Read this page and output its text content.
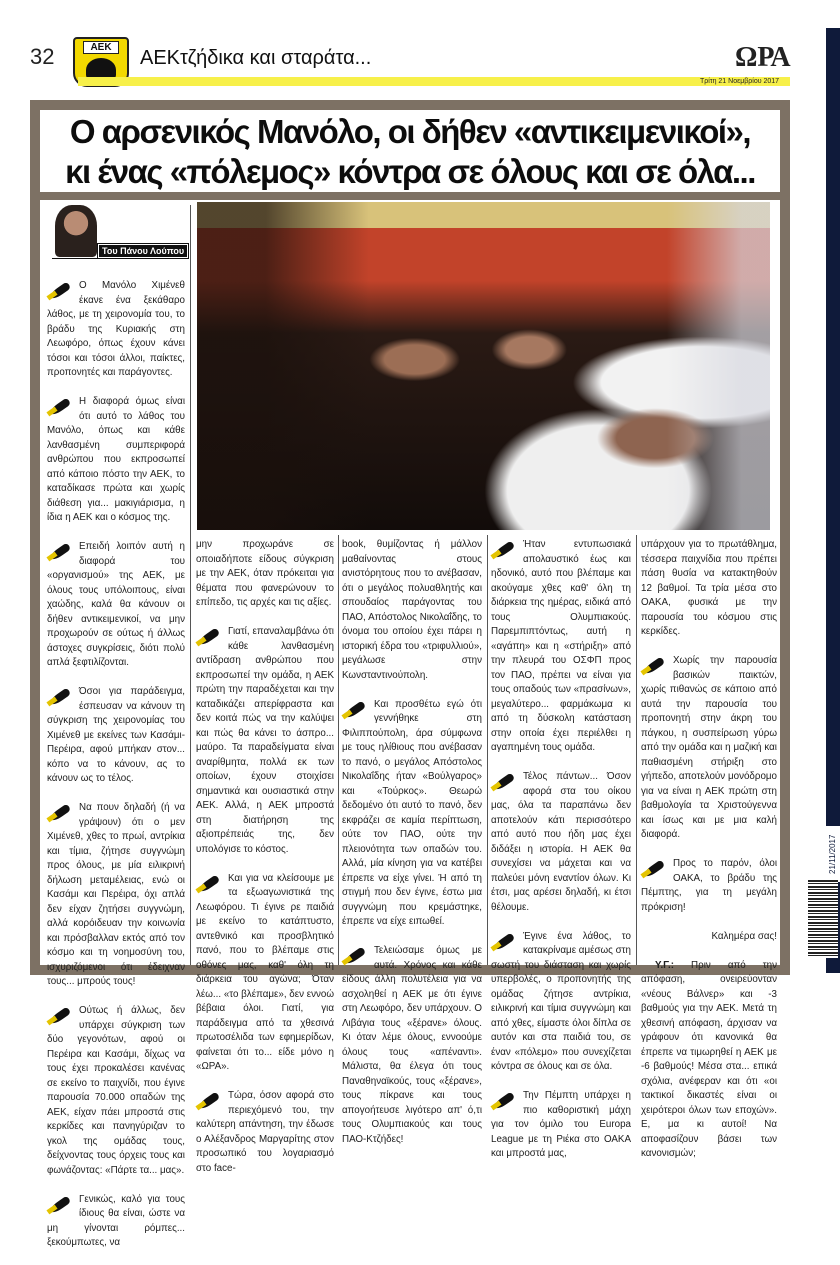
21/11/2017
32	ΑΕΚ	ΑΕΚτζήδικα και σταράτα...	ΩΡΑ
Τρίτη 21 Νοεμβρίου 2017
Ο αρσενικός Μανόλο, οι δήθεν «αντικειμενικοί»,
κι ένας «πόλεμος» κόντρα σε όλους και σε όλα...
Του Πάνου Λούπου

Ο Μανόλο Χιμένεθ έκανε ένα ξεκάθαρο λάθος, με τη χειρονομία του, το βράδυ της Κυριακής στη Λεωφόρο, όπως έχουν κάνει τόσοι και τόσοι άλλοι, παίκτες, προπονητές και παράγοντες.

Η διαφορά όμως είναι ότι αυτό το λάθος του Μανόλο, όπως και κάθε λανθασμένη συμπεριφορά ανθρώπου που εκπροσωπεί από κάποιο πόστο την ΑΕΚ, το καταδίκασε πρώτα και χωρίς διάθεση για... μακιγιάρισμα, η ίδια η ΑΕΚ και ο κόσμος της.

Επειδή λοιπόν αυτή η διαφορά του «οργανισμού» της ΑΕΚ, με όλους τους υπόλοιπους, είναι χαώδης, καλά θα κάνουν οι δήθεν αντικειμενικοί, να μην προχωρούν σε ούτως ή άλλως άστοχες συγκρίσεις, διότι πολύ απλά ξεφτιλίζονται.

Όσοι για παράδειγμα, έσπευσαν να κάνουν τη σύγκριση της χειρονομίας του Χιμένεθ με εκείνες των Κασάμι-Περέιρα, αφού μπήκαν στον... κόπο να το κάνουν, ας το κάνουν ως το τέλος.

Να πουν δηλαδή (ή να γράψουν) ότι ο μεν Χιμένεθ, χθες το πρωί, αντρίκια και τίμια, ζήτησε συγγνώμη προς όλους, με μία ειλικρινή δήλωση μεταμέλειας, ενώ οι Κασάμι και Περέιρα, όχι απλά δεν είχαν ζητήσει συγγνώμη, αλλά κορόιδευαν την κοινωνία και πρόσβαλλαν εκτός από τον κόσμο και τη νοημοσύνη του, ισχυριζόμενοι ότι έδειχναν τους... μπρούς τους!

Ούτως ή άλλως, δεν υπάρχει σύγκριση των δύο γεγονότων, αφού οι Περέιρα και Κασάμι, δίχως να τους έχει προκαλέσει κανένας σε εκείνο το παιχνίδι, που έγινε παρουσία 70.000 οπαδών της ΑΕΚ, είχαν πάει μπροστά στις κερκίδες και πανηγύριζαν το γκολ της ομάδας τους, δείχνοντας τους όρχεις τους και φωνάζοντας: «Πάρτε τα... μας».

Γενικώς, καλό για τους ίδιους θα είναι, ώστε να μη γίνονται ρόμπες... ξεκούμπωτες, να

μην προχωράνε σε οποιαδήποτε είδους σύγκριση με την ΑΕΚ, όταν πρόκειται για θέματα που φανερώνουν το επίπεδο, τις αρχές και τις αξίες.

Γιατί, επαναλαμβάνω ότι κάθε λανθασμένη αντίδραση ανθρώπου που εκπροσωπεί την ομάδα, η ΑΕΚ πρώτη την παραδέχεται και την καταδικάζει απερίφραστα και δεν κοιτά πώς να την καλύψει και πώς θα κάνει το άσπρο... μαύρο. Τα παραδείγματα είναι αναρίθμητα, πολλά εκ των οποίων, έχουν στοιχίσει σημαντικά και ουσιαστικά στην ΑΕΚ. Αλλά, η ΑΕΚ μπροστά στη διατήρηση της αξιοπρέπειάς της, δεν υπολόγισε το κόστος.

Και για να κλείσουμε με τα εξωαγωνιστικά της Λεωφόρου. Τι έγινε ρε παιδιά με εκείνο το κατάπτυστο, αντεθνικό και προσβλητικό πανό, που το βλέπαμε στις οθόνες μας, καθ' όλη τη διάρκεια του αγώνα; Όταν λέω... «το βλέπαμε», δεν εννοώ βέβαια όλοι. Γιατί, για παράδειγμα από τα χθεσινά πρωτοσέλιδα των εφημερίδων, φαίνεται ότι το... είδε μόνο η «ΩΡΑ».

Τώρα, όσον αφορά στο περιεχόμενό του, την καλύτερη απάντηση, την έδωσε ο Αλέξανδρος Μαργαρίτης στον προσωπικό του λογαριασμό στο face-

book, θυμίζοντας ή μάλλον μαθαίνοντας στους ανιστόρητους που το ανέβασαν, ότι ο μεγάλος πολυαθλητής και σπουδαίος παράγοντας του ΠΑΟ, Απόστολος Νικολαΐδης, το όνομα του οποίου έχει πάρει η ιστορική έδρα του «τριφυλλιού», μεγάλωσε στην Κωνσταντινούπολη.

Και προσθέτω εγώ ότι γεννήθηκε στη Φιλιππούπολη, άρα σύμφωνα με τους ηλίθιους που ανέβασαν το πανό, ο μεγάλος Απόστολος Νικολαΐδης ήταν «Βούλγαρος» και «Τούρκος». Θεωρώ δεδομένο ότι αυτό το πανό, δεν εκφράζει σε καμία περίπτωση, ούτε τον ΠΑΟ, ούτε την πλειονότητα των οπαδών του. Αλλά, μία κίνηση για να κατέβει έπρεπε να είχε γίνει. Ή από τη στιγμή που δεν έγινε, έστω μια συγγνώμη που κρεμάστηκε, έπρεπε να είχε ειπωθεί.

Τελειώσαμε όμως με αυτά. Χρόνος και κάθε είδους άλλη πολυτέλεια για να ασχοληθεί η ΑΕΚ με ότι έγινε στη Λεωφόρο, δεν υπάρχουν. Ο Λιβάγια τους «ξέρανε» όλους. Κι όταν λέμε όλους, εννοούμε όλους τους «απέναντι». Μάλιστα, θα έλεγα ότι τους Παναθηναϊκούς, τους «ξέρανε», τους πίκρανε και τους απογοήτευσε λιγότερο απ' ό,τι τους Ολυμπιακούς και τους ΠΑΟ-Κτζήδες!

Ήταν εντυπωσιακά απολαυστικό έως και ηδονικό, αυτό που βλέπαμε και ακούγαμε χθες καθ' όλη τη διάρκεια της ημέρας, ειδικά από τους Ολυμπιακούς. Παρεμπιπτόντως, αυτή η «αγάπη» και η «στήριξη» από την πλευρά του ΟΣΦΠ προς τον ΠΑΟ, πρέπει να είναι για τους οπαδούς των «πρασίνων», μεγαλύτερο... φαρμάκωμα κι από τη δύσκολη κατάσταση στην οποία έχει περιέλθει η αγαπημένη τους ομάδα.

Τέλος πάντων... Όσον αφορά στα του οίκου μας, όλα τα παραπάνω δεν αποτελούν κάτι περισσότερο από αυτό που ήδη μας έχει διδάξει η ιστορία. Η ΑΕΚ θα συνεχίσει να μάχεται και να παλεύει μόνη εναντίον όλων. Κι έτσι, μας αρέσει δηλαδή, κι έτσι θέλουμε.

Έγινε ένα λάθος, το κατακρίναμε αμέσως στη σωστή του διάσταση και χωρίς υπερβολές, ο προπονητής της ομάδας ζήτησε αντρίκια, ειλικρινή και τίμια συγγνώμη και από χθες, είμαστε όλοι δίπλα σε αυτόν και στα παιδιά του, σε έναν «πόλεμο» που συνεχίζεται κόντρα σε όλους και σε όλα.

Την Πέμπτη υπάρχει η πιο καθοριστική μάχη για τον όμιλο του Europa League με τη Ριέκα στο ΟΑΚΑ και μπροστά μας,

υπάρχουν για το πρωτάθλημα, τέσσερα παιχνίδια που πρέπει πάση θυσία να κατακτηθούν 12 βαθμοί. Τα τρία μέσα στο ΟΑΚΑ, φυσικά με την παρουσία του κόσμου στις κερκίδες.

Χωρίς την παρουσία βασικών παικτών, χωρίς πιθανώς σε κάποιο από αυτά την παρουσία του προπονητή στην άκρη του πάγκου, η συσπείρωση γύρω από την ομάδα και η μαζική και παθιασμένη στήριξη στο γήπεδο, αποτελούν μονόδρομο για να είναι η ΑΕΚ πρώτη στη βαθμολογία τα Χριστούγεννα και ίσως και με μια καλή διαφορά.

Προς το παρόν, όλοι ΟΑΚΑ, το βράδυ της Πέμπτης, για τη μεγάλη πρόκριση!

Καλημέρα σας!

Υ.Γ.: Πριν από την απόφαση, ονειρεύονταν «νέους Βάλνερ» και -3 βαθμούς για την ΑΕΚ. Μετά τη χθεσινή απόφαση, άρχισαν να γράφουν ότι κανονικά θα έπρεπε να τιμωρηθεί η ΑΕΚ με -6 βαθμούς! Μέσα στα... επικά σχόλια, ανέφεραν και ότι «οι τακτικοί δικαστές είναι οι χειρότεροι όλων των εποχών». Ε, μα κι αυτοί! Να αποφασίζουν βάσει των κανονισμών;
